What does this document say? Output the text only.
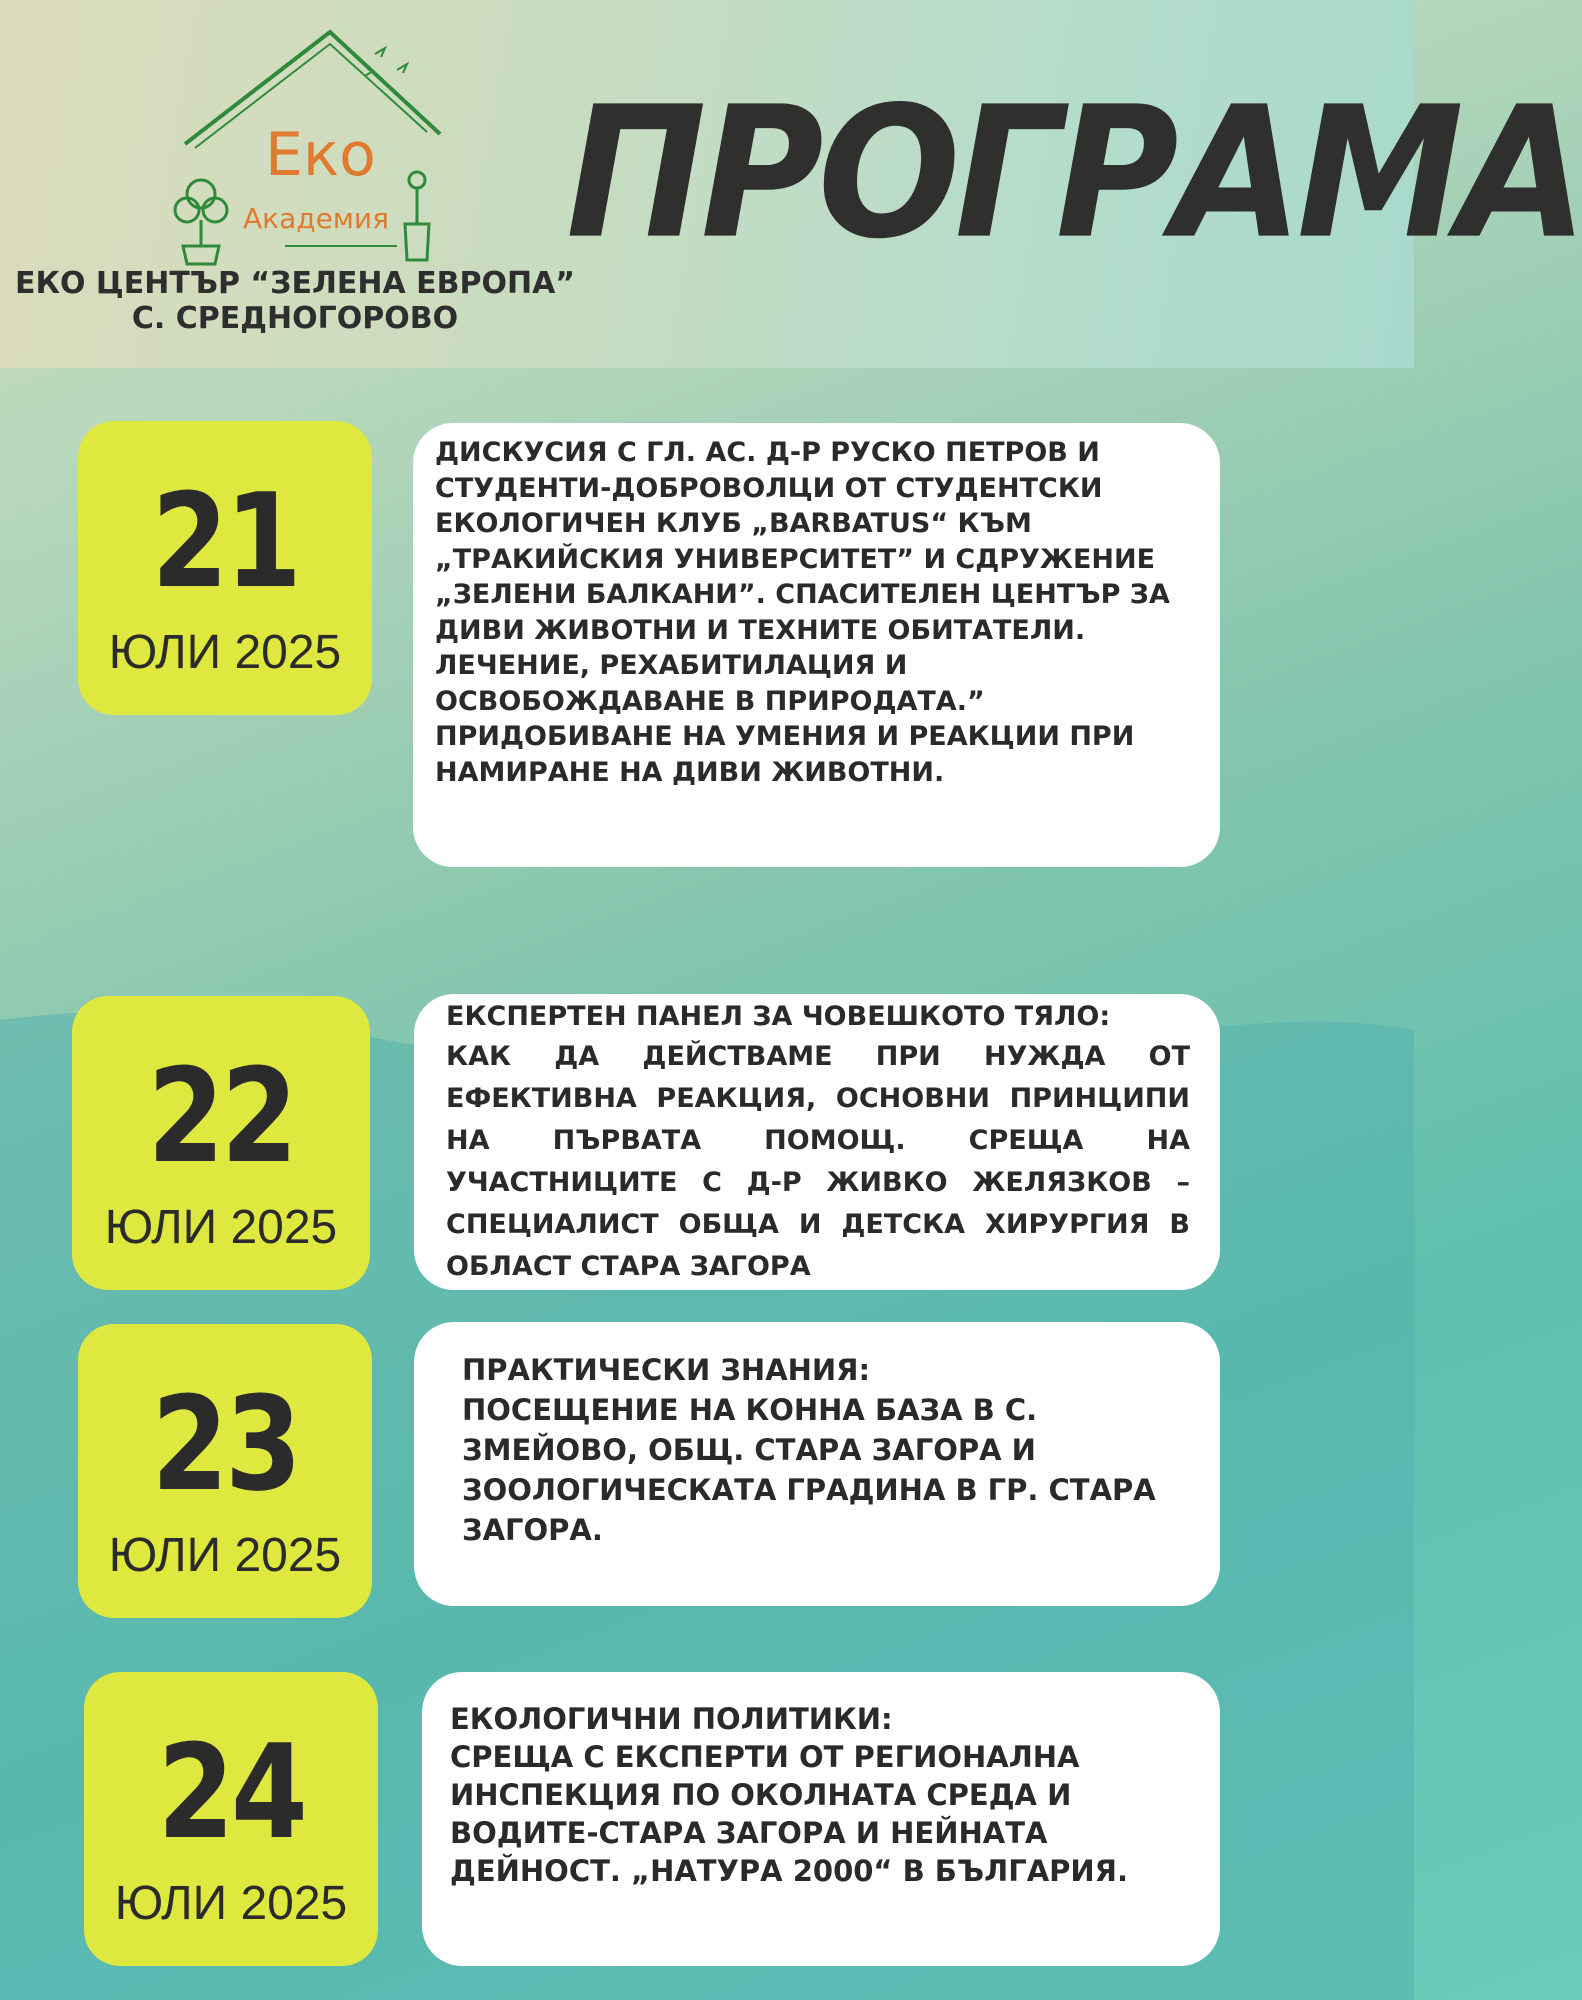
Еко
Академия
ЕКО ЦЕНТЪР “ЗЕЛЕНА ЕВРОПА”
С. СРЕДНОГОРОВО
ПРОГРАМА
21
ЮЛИ 2025

ДИСКУСИЯ С ГЛ. АС. Д-Р РУСКО ПЕТРОВ И СТУДЕНТИ-ДОБРОВОЛЦИ ОТ СТУДЕНТСКИ ЕКОЛОГИЧЕН КЛУБ „BARBATUS“ КЪМ „ТРАКИЙСКИЯ УНИВЕРСИТЕТ” И СДРУЖЕНИЕ „ЗЕЛЕНИ БАЛКАНИ”. СПАСИТЕЛЕН ЦЕНТЪР ЗА ДИВИ ЖИВОТНИ И ТЕХНИТЕ ОБИТАТЕЛИ. ЛЕЧЕНИЕ, РЕХАБИТИЛАЦИЯ И ОСВОБОЖДАВАНЕ В ПРИРОДАТА.” ПРИДОБИВАНЕ НА УМЕНИЯ И РЕАКЦИИ ПРИ НАМИРАНЕ НА ДИВИ ЖИВОТНИ.

22
ЮЛИ 2025

ЕКСПЕРТЕН ПАНЕЛ ЗА ЧОВЕШКОТО ТЯЛО:

КАК ДА ДЕЙСТВАМЕ ПРИ НУЖДА ОТ ЕФЕКТИВНА РЕАКЦИЯ, ОСНОВНИ ПРИНЦИПИ НА ПЪРВАТА ПОМОЩ. СРЕЩА НА УЧАСТНИЦИТЕ С Д-Р ЖИВКО ЖЕЛЯЗКОВ – СПЕЦИАЛИСТ ОБЩА И ДЕТСКА ХИРУРГИЯ В ОБЛАСТ СТАРА ЗАГОРА

23
ЮЛИ 2025

ПРАКТИЧЕСКИ ЗНАНИЯ:

ПОСЕЩЕНИЕ НА КОННА БАЗА В С. ЗМЕЙОВО, ОБЩ. СТАРА ЗАГОРА И ЗООЛОГИЧЕСКАТА ГРАДИНА В ГР. СТАРА ЗАГОРА.

24
ЮЛИ 2025

ЕКОЛОГИЧНИ ПОЛИТИКИ:

СРЕЩА С ЕКСПЕРТИ ОТ РЕГИОНАЛНА ИНСПЕКЦИЯ ПО ОКОЛНАТА СРЕДА И ВОДИТЕ-СТАРА ЗАГОРА И НЕЙНАТА ДЕЙНОСТ. „НАТУРА 2000“ В БЪЛГАРИЯ.
